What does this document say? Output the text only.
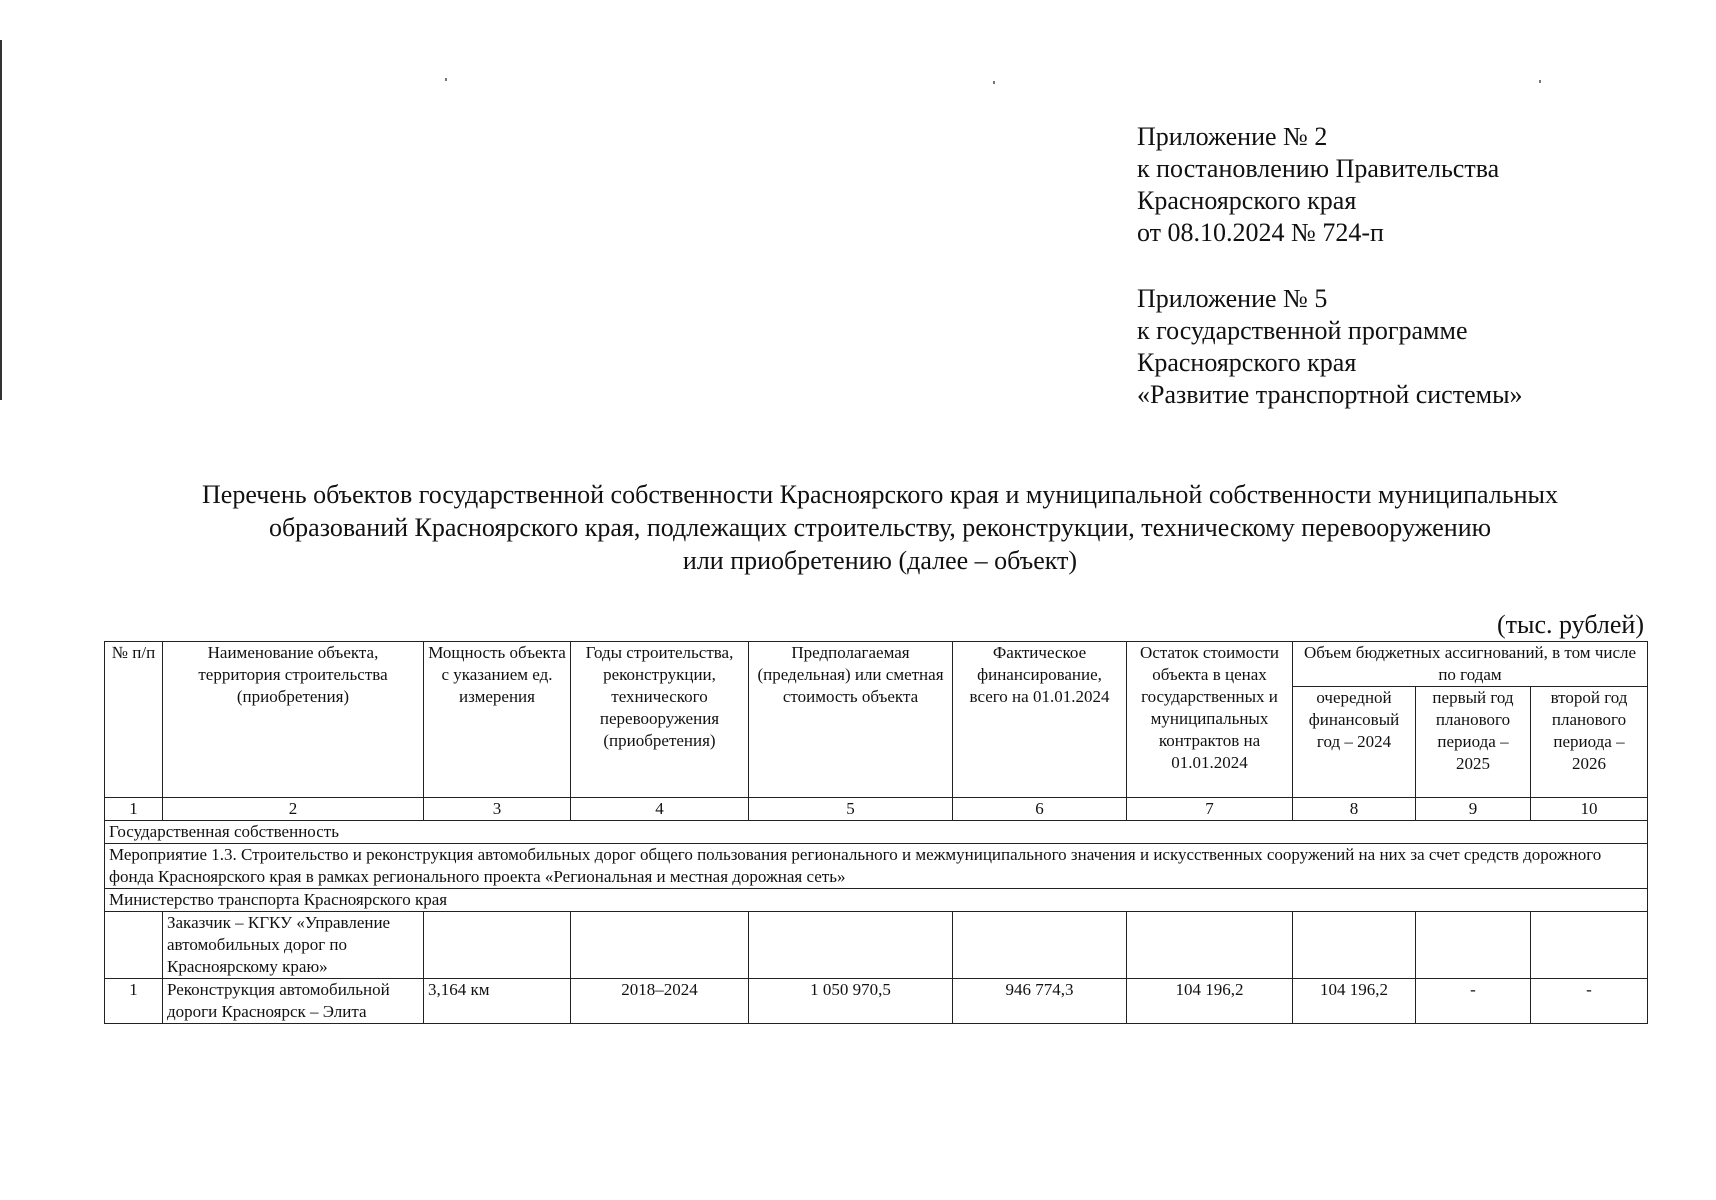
Приложение № 2
к постановлению Правительства
Красноярского края
от 08.10.2024 № 724-п
Приложение № 5
к государственной программе
Красноярского края
«Развитие транспортной системы»
Перечень объектов государственной собственности Красноярского края и муниципальной собственности муниципальных
образований Красноярского края, подлежащих строительству, реконструкции, техническому перевооружению
или приобретению (далее – объект)
(тыс. рублей)
№ п/п	Наименование объекта, территория строительства (приобретения)	Мощность объекта с указанием ед. измерения	Годы строительства, реконструкции, технического перевооружения (приобретения)	Предполагаемая (предельная) или сметная стоимость объекта	Фактическое финансирование, всего на 01.01.2024	Остаток стоимости объекта в ценах государственных и муниципальных контрактов на 01.01.2024	Объем бюджетных ассигнований, в том числе по годам		
							очередной финансовый год – 2024	первый год планового периода – 2025	второй год планового периода – 2026
1	2	3	4	5	6	7	8	9	10
Государственная собственность									
Мероприятие 1.3. Строительство и реконструкция автомобильных дорог общего пользования регионального и межмуниципального значения и искусственных сооружений на них за счет средств дорожного фонда Красноярского края в рамках регионального проекта «Региональная и местная дорожная сеть»									
Министерство транспорта Красноярского края									
	Заказчик – КГКУ «Управление автомобильных дорог по Красноярскому краю»								
1	Реконструкция автомобильной дороги Красноярск – Элита	3,164 км	2018–2024	1 050 970,5	946 774,3	104 196,2	104 196,2	-	-
